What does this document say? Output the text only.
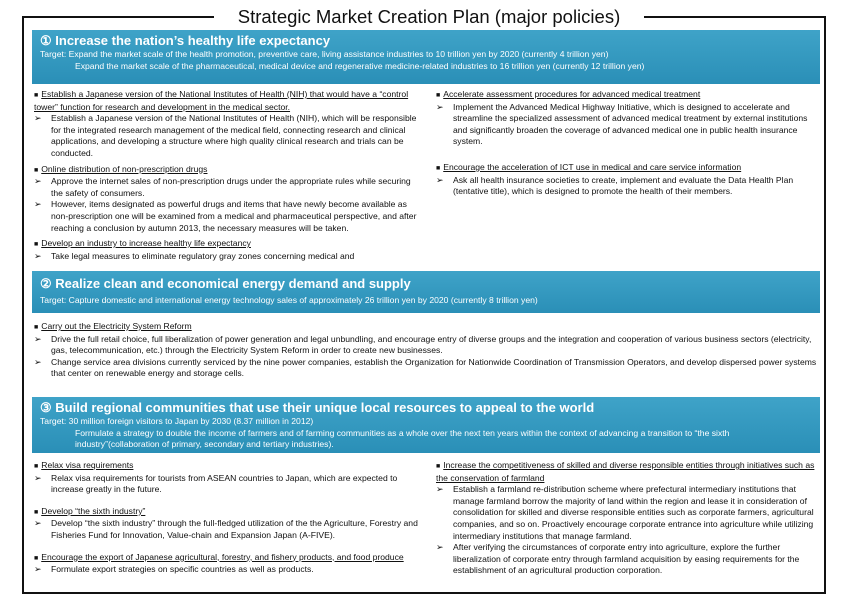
Strategic Market Creation Plan (major policies)
① Increase the nation’s healthy life expectancy
Target: Expand the market scale of the health promotion, preventive care, living assistance industries to 10 trillion yen by 2020 (currently 4 trillion yen)
Expand the market scale of the pharmaceutical, medical device and regenerative medicine-related industries to 16 trillion yen (currently 12 trillion yen)
■ Establish a Japanese version of the National Institutes of Health (NIH) that would have a “control tower” function for research and development in the medical sector.
➢	Establish a Japanese version of the National Institutes of Health (NIH), which will be responsible for the integrated research management of the medical field, connecting research and clinical applications, and developing a structure where high quality clinical research and trials can be conducted.
■ Online distribution of non-prescription drugs
➢	Approve the internet sales of non-prescription drugs under the appropriate rules while securing the safety of consumers.
➢	However, items designated as powerful drugs and items that have newly become available as non-prescription one will be examined from a medical and pharmaceutical perspective, and after reaching a conclusion by autumn 2013, the necessary measures will be taken.
■ Develop an industry to increase healthy life expectancy
➢	Take legal measures to eliminate regulatory gray zones concerning medical and
■ Accelerate assessment procedures for advanced medical treatment
➢	Implement the Advanced Medical Highway Initiative, which is designed to accelerate and streamline the specialized assessment of advanced medical treatment by external institutions and significantly broaden the coverage of advanced medical one in public health insurance system.
■ Encourage the acceleration of ICT use in medical and care service information
➢	Ask all health insurance societies to create, implement and evaluate the Data Health Plan (tentative title), which is designed to promote the health of their members.
② Realize clean and economical energy demand and supply
Target: Capture domestic and international energy technology sales of approximately 26 trillion yen by 2020 (currently 8 trillion yen)
■ Carry out the Electricity System Reform
➢	Drive the full retail choice, full liberalization of power generation and legal unbundling, and encourage entry of diverse groups and the integration and cooperation of various business sectors (electricity, gas, telecommunication, etc.) through the Electricity System Reform in order to create new businesses.
➢	Change service area divisions currently serviced by the nine power companies, establish the Organization for Nationwide Coordination of Transmission Operators, and develop dispersed power systems that center on renewable energy and storage cells.
③ Build regional communities that use their unique local resources to appeal to the world
Target: 30 million foreign visitors to Japan by 2030 (8.37 million in 2012)
Formulate a strategy to double the income of farmers and of farming communities as a whole over the next ten years within the context of advancing a transition to “the sixth industry”(collaboration of primary, secondary and tertiary industries).
■ Relax visa requirements
➢	Relax visa requirements for tourists from ASEAN countries to Japan, which are expected to increase greatly in the future.
■ Develop “the sixth industry”
➢	Develop “the sixth industry” through the full-fledged utilization of the the Agriculture, Forestry and Fisheries Fund for Innovation, Value-chain and Expansion Japan (A-FIVE).
■ Encourage the export of Japanese agricultural, forestry, and fishery products, and food produce
➢	Formulate export strategies on specific countries as well as products.
■ Increase the competitiveness of skilled and diverse responsible entities through initiatives such as the conservation of farmland
➢	Establish a farmland re-distribution scheme where prefectural intermediary institutions that manage farmland borrow the majority of land within the region and lease it in consideration of consolidation for skilled and diverse responsible entities such as corporate farmers, agricultural companies, and so on. Proactively encourage corporate entrance into agriculture while utilizing intermediary institutions that manage farmland.
➢	After verifying the circumstances of corporate entry into agriculture, explore the further liberalization of corporate entry through farmland acquisition by easing requirements for the establishment of an agricultural production corporation.
